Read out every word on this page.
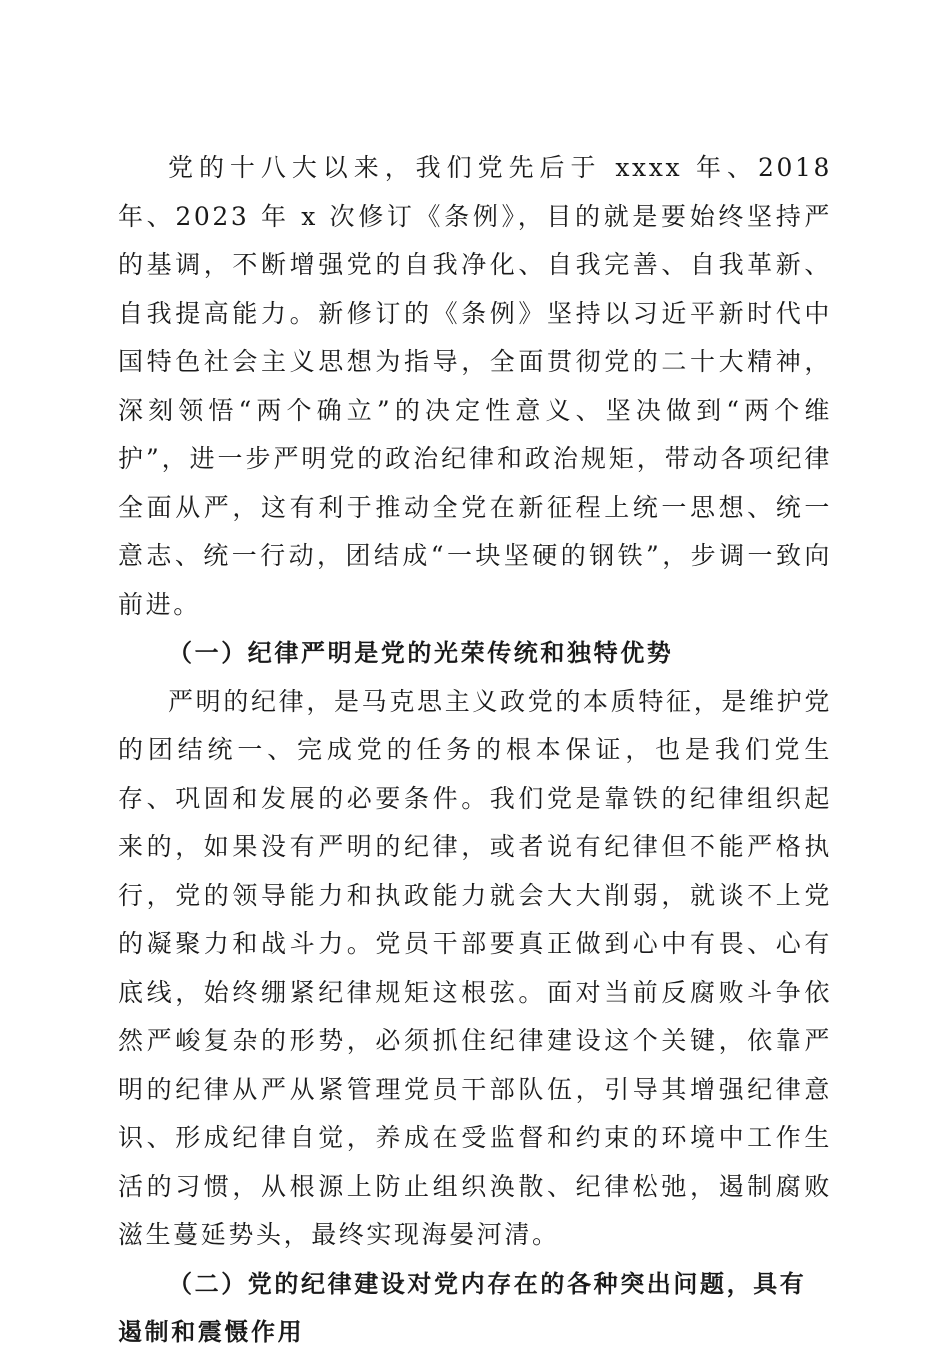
党的十八大以来，我们党先后于 xxxx 年、2018 年、2023 年 x 次修订《条例》，目的就是要始终坚持严的基调，不断增强党的自我净化、自我完善、自我革新、自我提高能力。新修订的《条例》坚持以习近平新时代中国特色社会主义思想为指导，全面贯彻党的二十大精神，深刻领悟“两个确立”的决定性意义、坚决做到“两个维护”，进一步严明党的政治纪律和政治规矩，带动各项纪律全面从严，这有利于推动全党在新征程上统一思想、统一意志、统一行动，团结成“一块坚硬的钢铁”，步调一致向前进。

（一）纪律严明是党的光荣传统和独特优势

严明的纪律，是马克思主义政党的本质特征，是维护党的团结统一、完成党的任务的根本保证，也是我们党生存、巩固和发展的必要条件。我们党是靠铁的纪律组织起来的，如果没有严明的纪律，或者说有纪律但不能严格执行，党的领导能力和执政能力就会大大削弱，就谈不上党的凝聚力和战斗力。党员干部要真正做到心中有畏、心有底线，始终绷紧纪律规矩这根弦。面对当前反腐败斗争依然严峻复杂的形势，必须抓住纪律建设这个关键，依靠严明的纪律从严从紧管理党员干部队伍，引导其增强纪律意识、形成纪律自觉，养成在受监督和约束的环境中工作生活的习惯，从根源上防止组织涣散、纪律松弛，遏制腐败滋生蔓延势头，最终实现海晏河清。

（二）党的纪律建设对党内存在的各种突出问题，具有遏制和震慑作用
